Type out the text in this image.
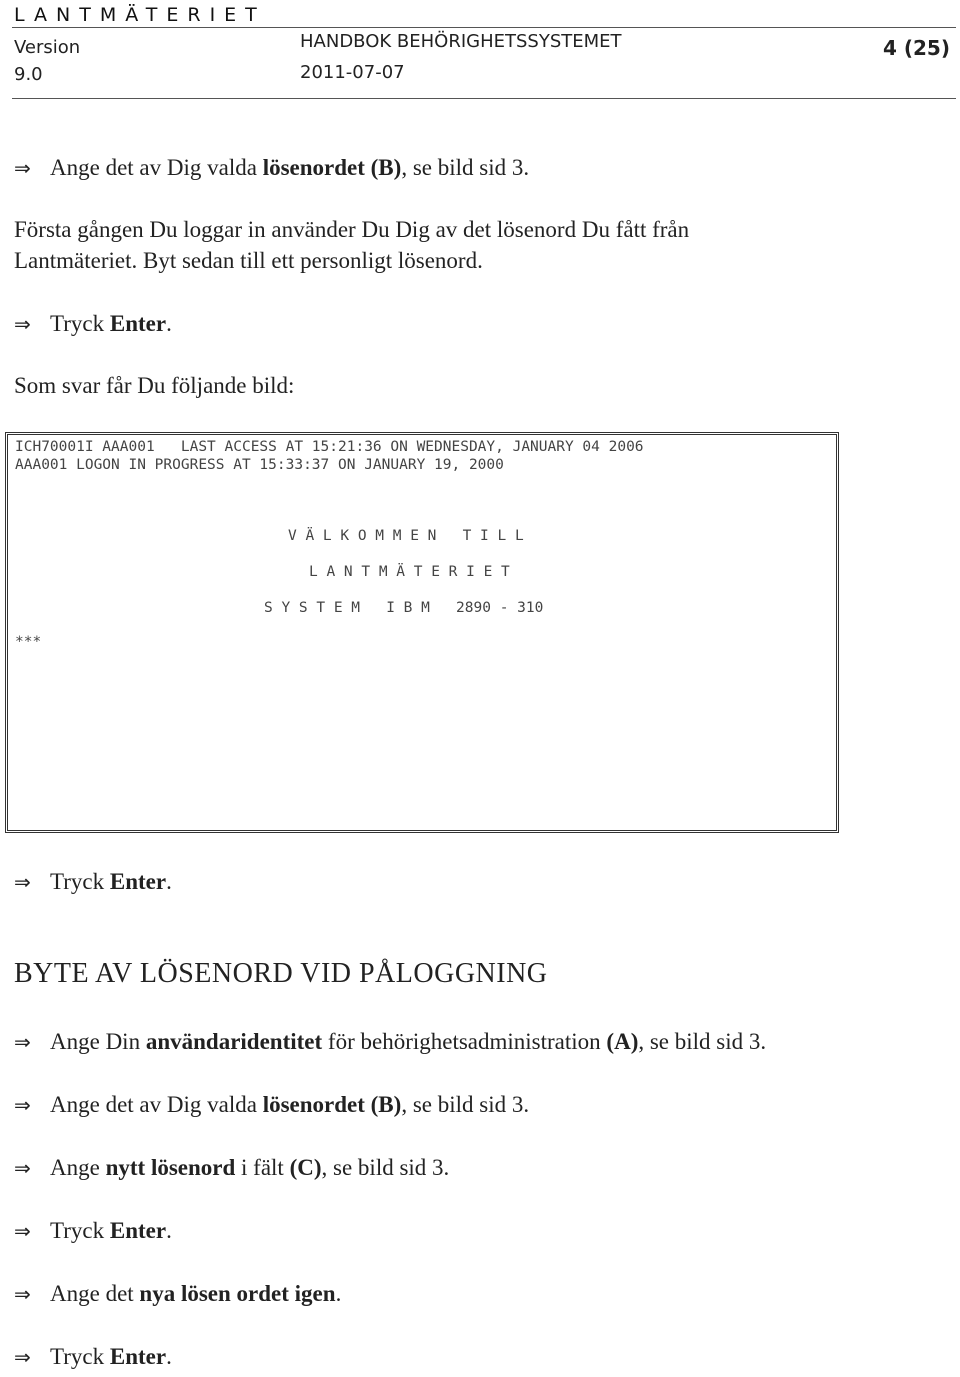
LANTMÄTERIET
Version
9.0
HANDBOK BEHÖRIGHETSSYSTEMET
2011-07-07
4 (25)
⇒ Ange det av Dig valda lösenordet (B), se bild sid 3.
Första gången Du loggar in använder Du Dig av det lösenord Du fått från
Lantmäteriet. Byt sedan till ett personligt lösenord.
⇒ Tryck Enter.
Som svar får Du följande bild:
ICH70001I AAA001   LAST ACCESS AT 15:21:36 ON WEDNESDAY, JANUARY 04 2006
AAA001 LOGON IN PROGRESS AT 15:33:37 ON JANUARY 19, 2000
V Ä L K O M M E N   T I L L
L A N T M Ä T E R I E T
S Y S T E M   I B M   2890 - 310
***
⇒ Tryck Enter.
BYTE AV LÖSENORD VID PÅLOGGNING
⇒ Ange Din användaridentitet för behörighetsadministration (A), se bild sid 3.
⇒ Ange det av Dig valda lösenordet (B), se bild sid 3.
⇒ Ange nytt lösenord i fält (C), se bild sid 3.
⇒ Tryck Enter.
⇒ Ange det nya lösen ordet igen.
⇒ Tryck Enter.
